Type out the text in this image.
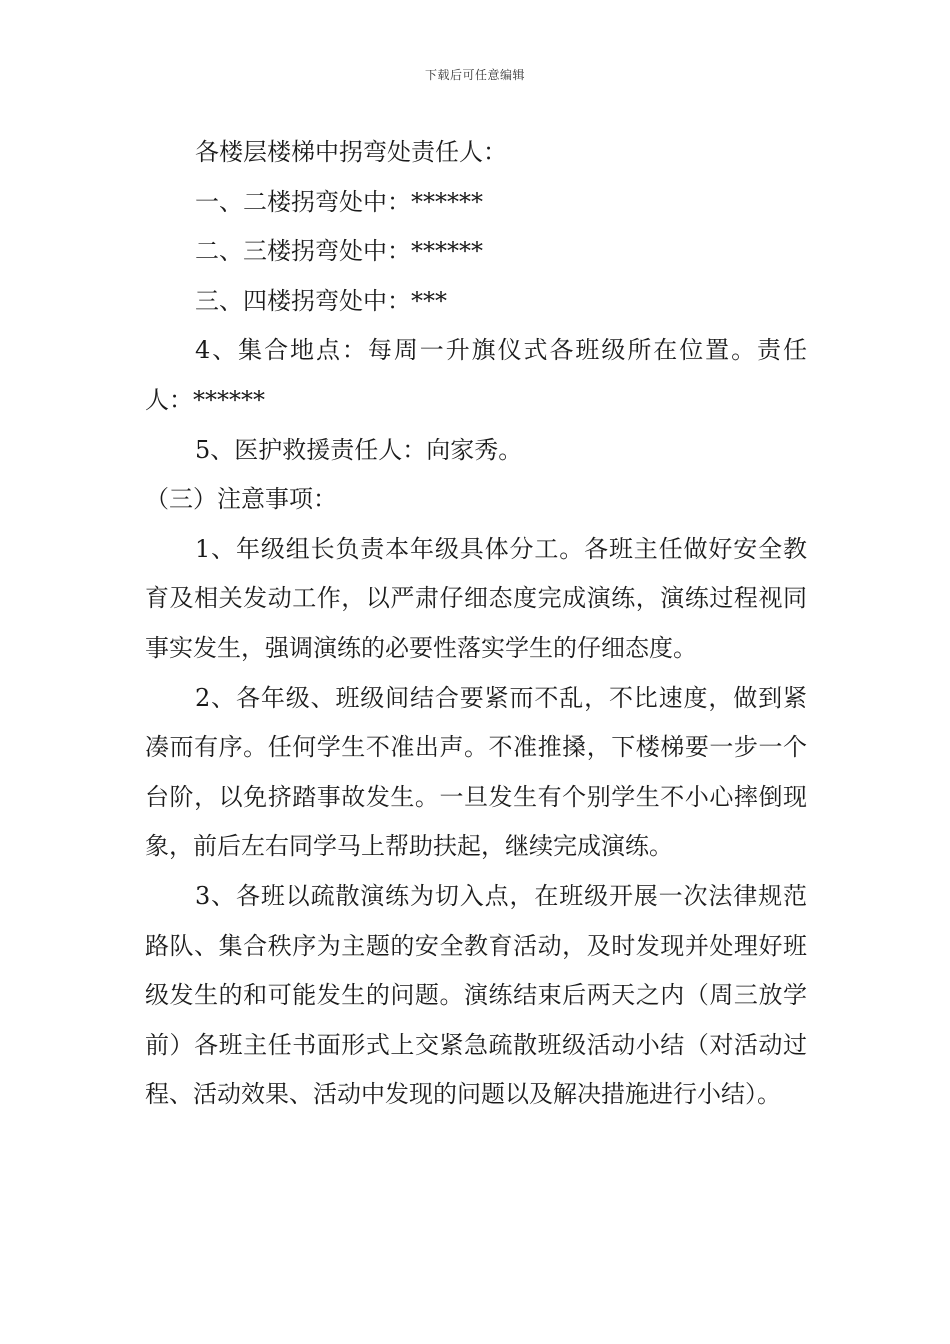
下载后可任意编辑

各楼层楼梯中拐弯处责任人：

一、二楼拐弯处中：******

二、三楼拐弯处中：******

三、四楼拐弯处中：***

4、集合地点：每周一升旗仪式各班级所在位置。责任人：******

5、医护救援责任人：向家秀。

（三）注意事项：

1、年级组长负责本年级具体分工。各班主任做好安全教育及相关发动工作，以严肃仔细态度完成演练，演练过程视同事实发生，强调演练的必要性落实学生的仔细态度。

2、各年级、班级间结合要紧而不乱，不比速度，做到紧凑而有序。任何学生不准出声。不准推搡，下楼梯要一步一个台阶，以免挤踏事故发生。一旦发生有个别学生不小心摔倒现象，前后左右同学马上帮助扶起，继续完成演练。

3、各班以疏散演练为切入点，在班级开展一次法律规范路队、集合秩序为主题的安全教育活动，及时发现并处理好班级发生的和可能发生的问题。演练结束后两天之内（周三放学前）各班主任书面形式上交紧急疏散班级活动小结（对活动过程、活动效果、活动中发现的问题以及解决措施进行小结）。
